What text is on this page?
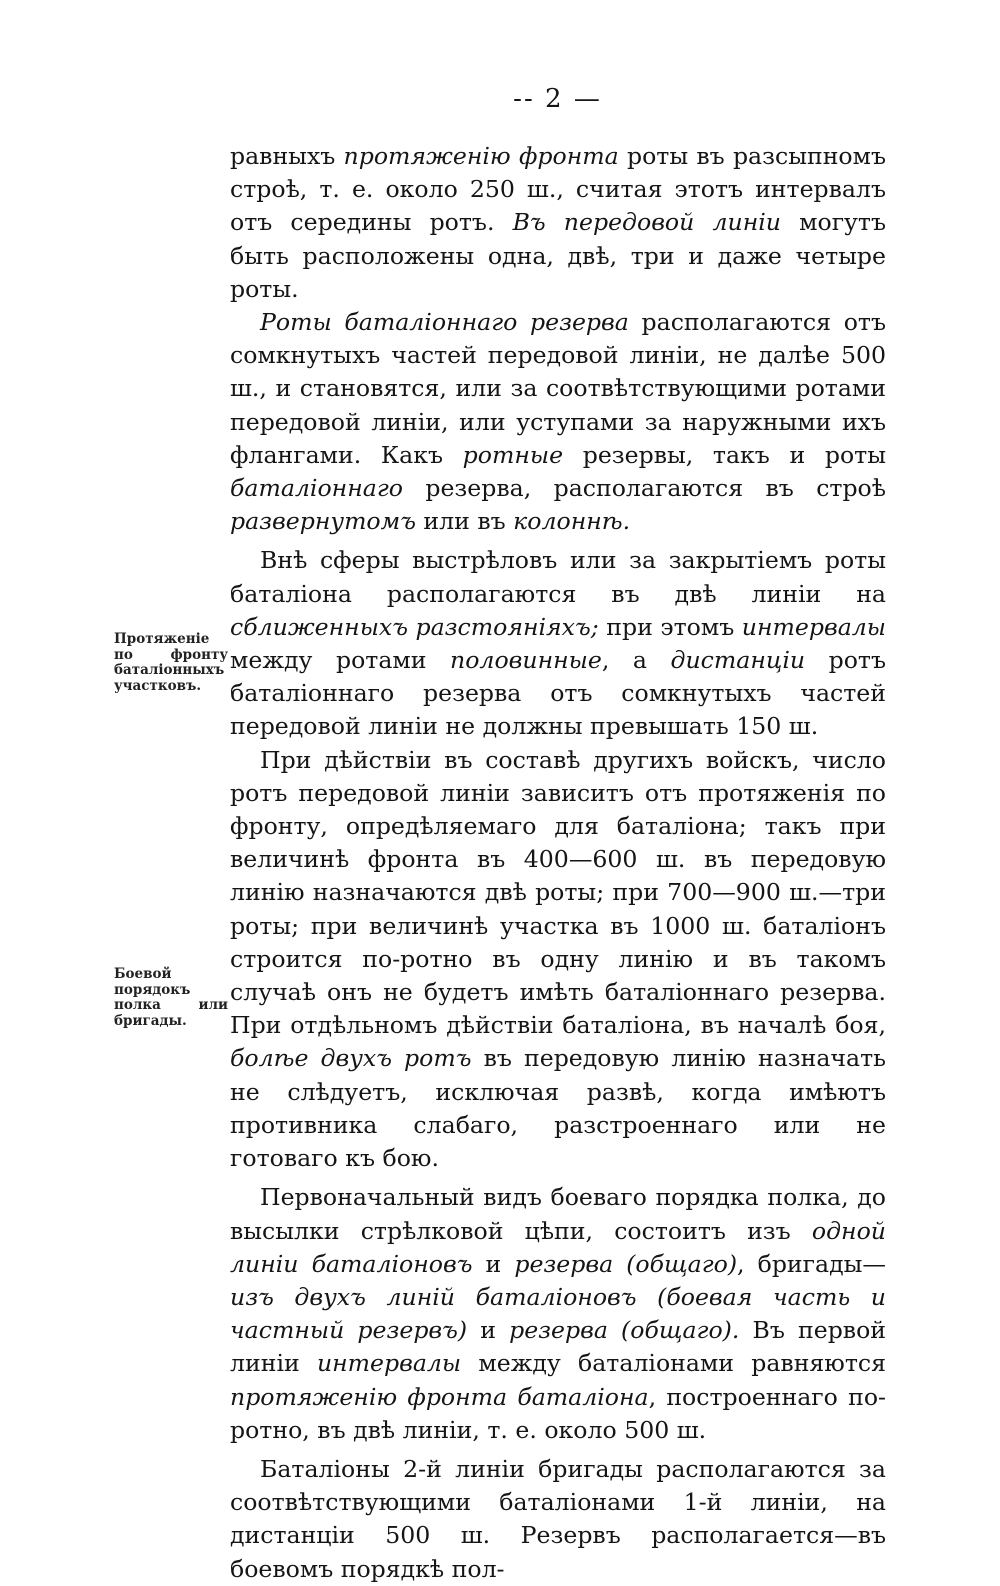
-- 2 —
Протяженіе по фронту баталіонныхъ участковъ.
Боевой порядокъ полка или бригады.

равныхъ протяженію фронта роты въ разсыпномъ строѣ, т. е. около 250 ш., считая этотъ интервалъ отъ середины ротъ. Въ передовой линіи могутъ быть расположены одна, двѣ, три и даже четыре роты.

Роты баталіоннаго резерва располагаются отъ сомкнутыхъ частей передовой линіи, не далѣе 500 ш., и становятся, или за соотвѣтствующими ротами передовой линіи, или уступами за наружными ихъ флангами. Какъ ротные резервы, такъ и роты баталіоннаго резерва, располагаются въ строѣ развернутомъ или въ колоннѣ.

Внѣ сферы выстрѣловъ или за закрытіемъ роты баталіона располагаются въ двѣ линіи на сближенныхъ разстояніяхъ; при этомъ интервалы между ротами половинные, а дистанціи ротъ баталіоннаго резерва отъ сомкнутыхъ частей передовой линіи не должны превышать 150 ш.

При дѣйствіи въ составѣ другихъ войскъ, число ротъ передовой линіи зависитъ отъ протяженія по фронту, опредѣляемаго для баталіона; такъ при величинѣ фронта въ 400—600 ш. въ передовую линію назначаются двѣ роты; при 700—900 ш.—три роты; при величинѣ участка въ 1000 ш. баталіонъ строится по-ротно въ одну линію и въ такомъ случаѣ онъ не будетъ имѣть баталіоннаго резерва. При отдѣльномъ дѣйствіи баталіона, въ началѣ боя, болѣе двухъ ротъ въ передовую линію назначать не слѣдуетъ, исключая развѣ, когда имѣютъ противника слабаго, разстроеннаго или не готоваго къ бою.

Первоначальный видъ боеваго порядка полка, до высылки стрѣлковой цѣпи, состоитъ изъ одной линіи баталіоновъ и резерва (общаго), бригады—изъ двухъ линій баталіоновъ (боевая часть и частный резервъ) и резерва (общаго). Въ первой линіи интервалы между баталіонами равняются протяженію фронта баталіона, построеннаго по-ротно, въ двѣ линіи, т. е. около 500 ш.

Баталіоны 2-й линіи бригады располагаются за соотвѣтствующими баталіонами 1-й линіи, на дистанціи 500 ш. Резервъ располагается—въ боевомъ порядкѣ пол-
